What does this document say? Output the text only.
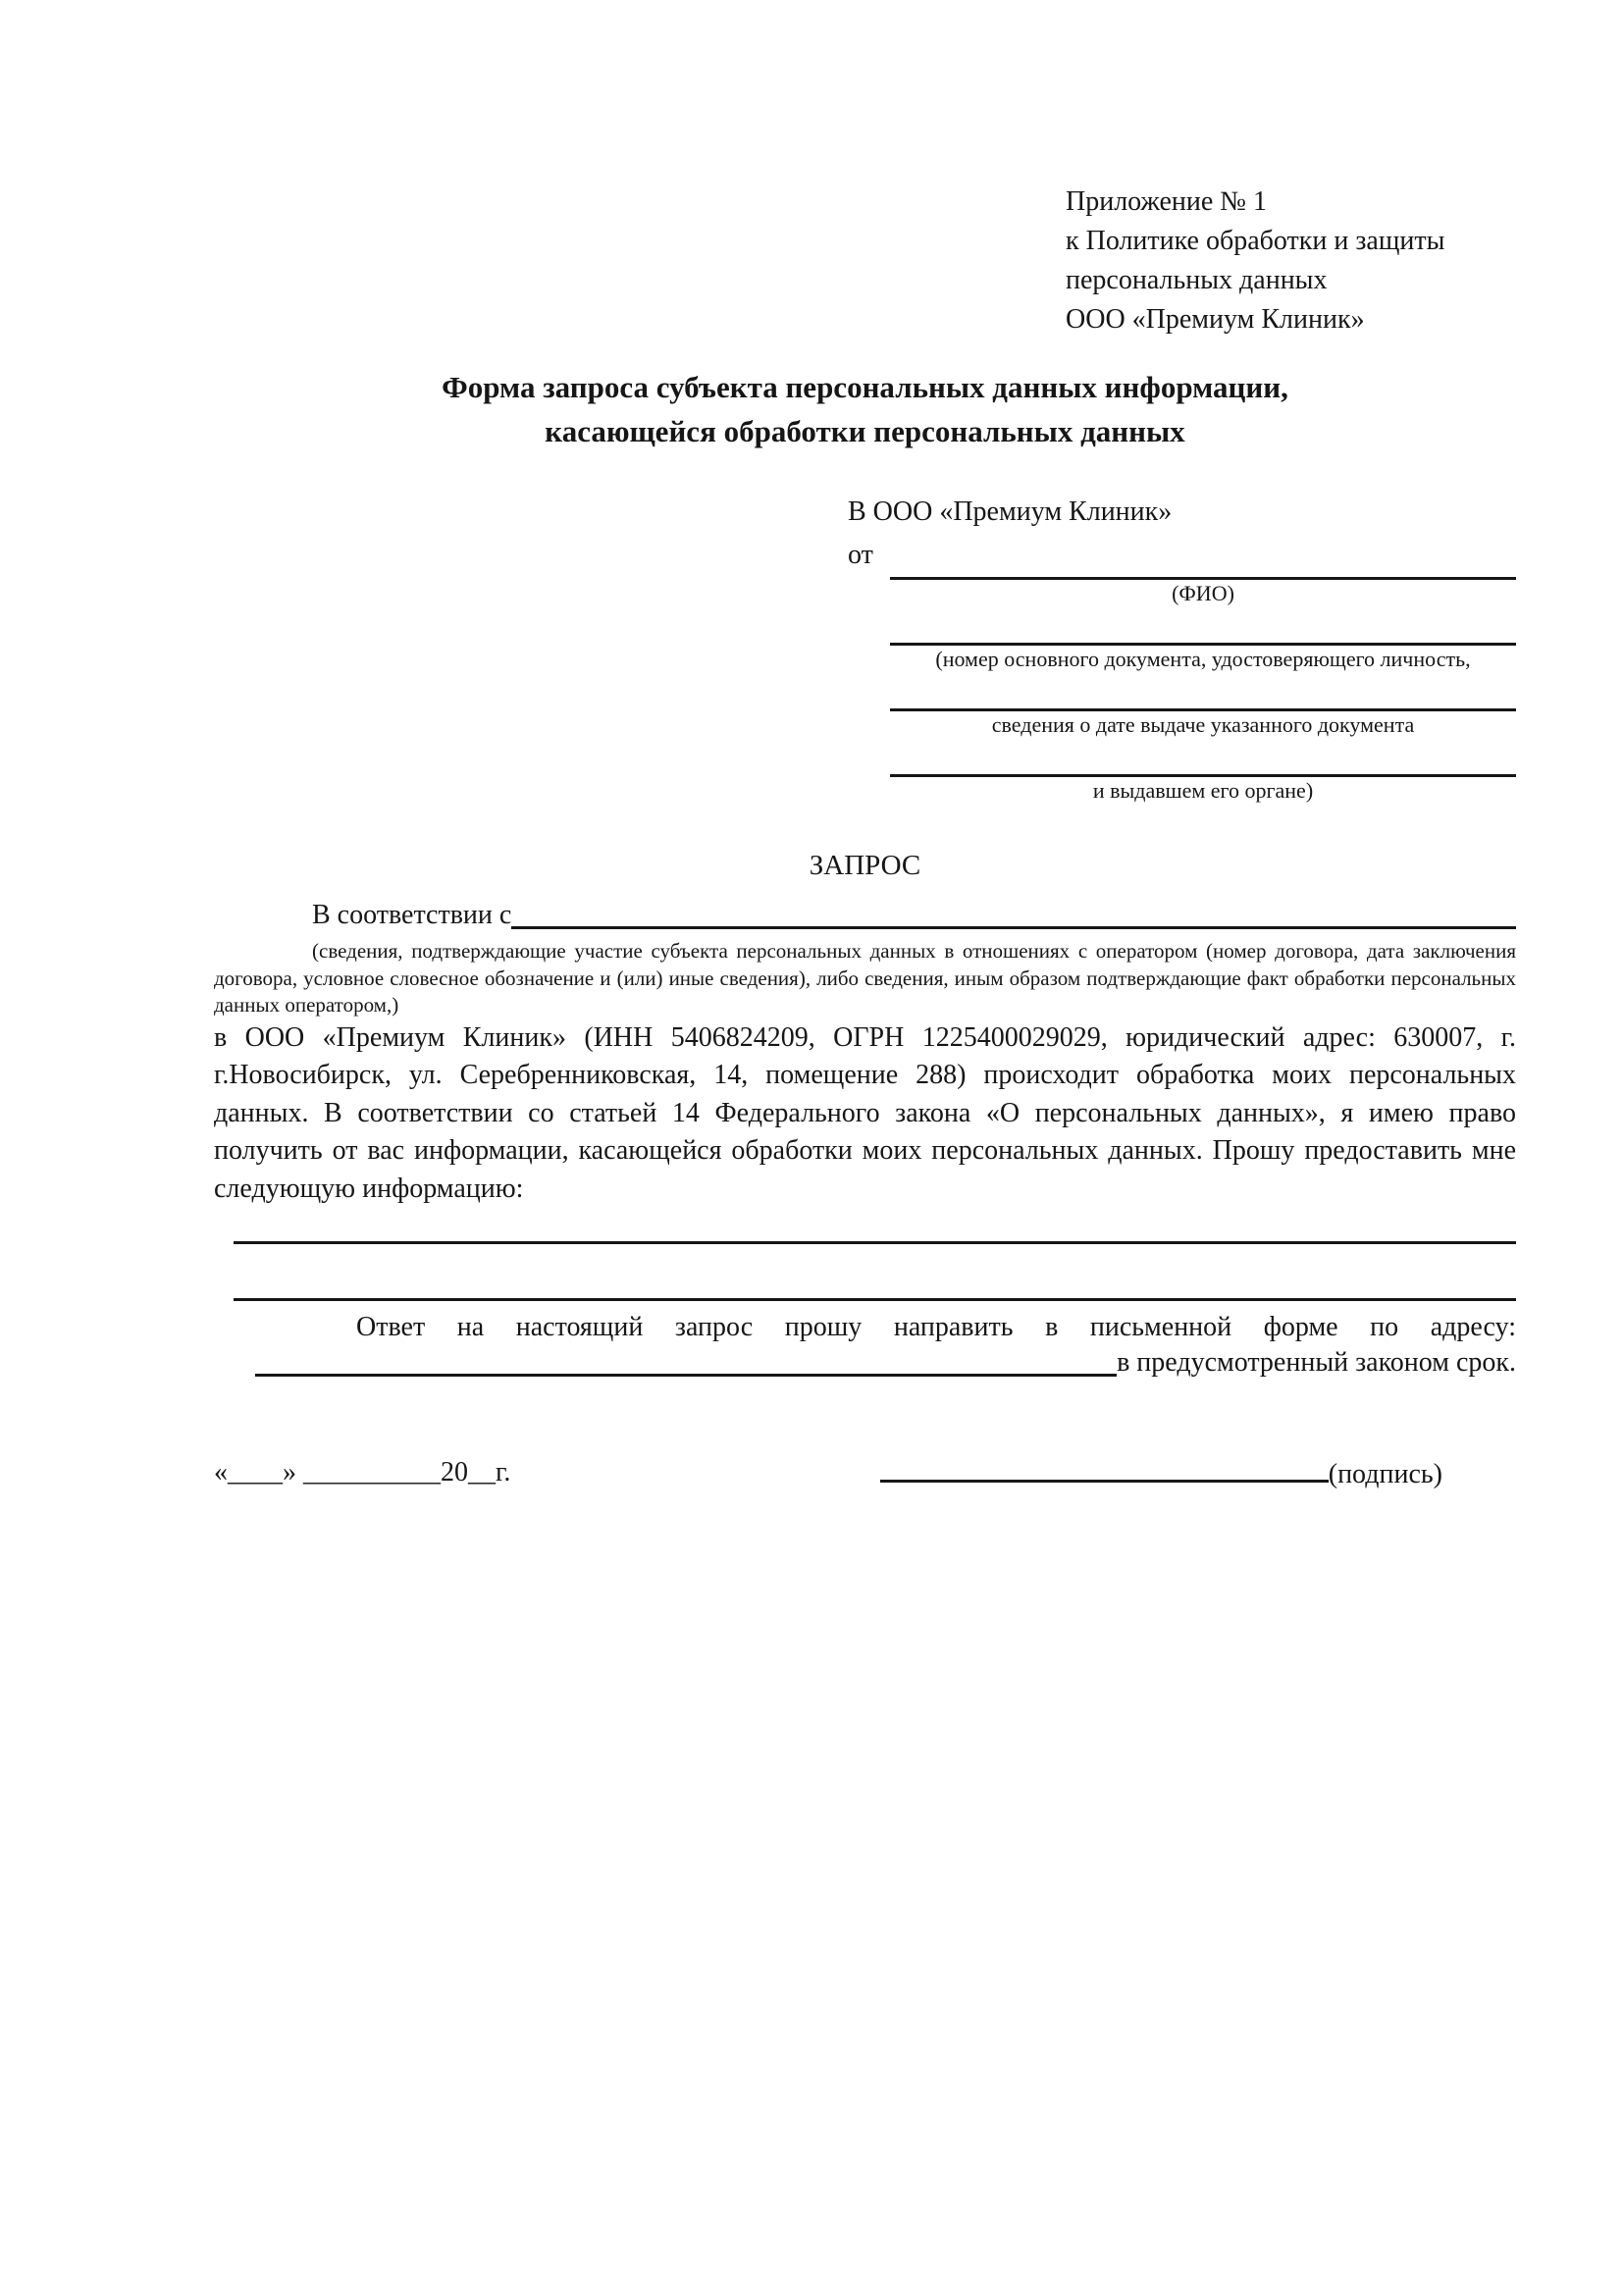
Приложение № 1
к Политике обработки и защиты
персональных данных
ООО «Премиум Клиник»
Форма запроса субъекта персональных данных информации,
касающейся обработки персональных данных
В ООО «Премиум Клиник»
от
(ФИО)
(номер основного документа, удостоверяющего личность,
сведения о дате выдаче указанного документа
и выдавшем его органе)
ЗАПРОС
В соответствии с
(сведения, подтверждающие участие субъекта персональных данных в отношениях с оператором (номер договора, дата заключения договора, условное словесное обозначение и (или) иные сведения), либо сведения, иным образом подтверждающие факт обработки персональных данных оператором,)
в ООО «Премиум Клиник» (ИНН 5406824209, ОГРН 1225400029029, юридический адрес: 630007, г. г.Новосибирск, ул. Серебренниковская, 14, помещение 288) происходит обработка моих персональных данных. В соответствии со статьей 14 Федерального закона «О персональных данных», я имею право получить от вас информации, касающейся обработки моих персональных данных. Прошу предоставить мне следующую информацию:
Ответ на настоящий запрос прошу направить в письменной форме по адресу:
в предусмотренный законом срок.
«____» __________20__г.	(подпись)
